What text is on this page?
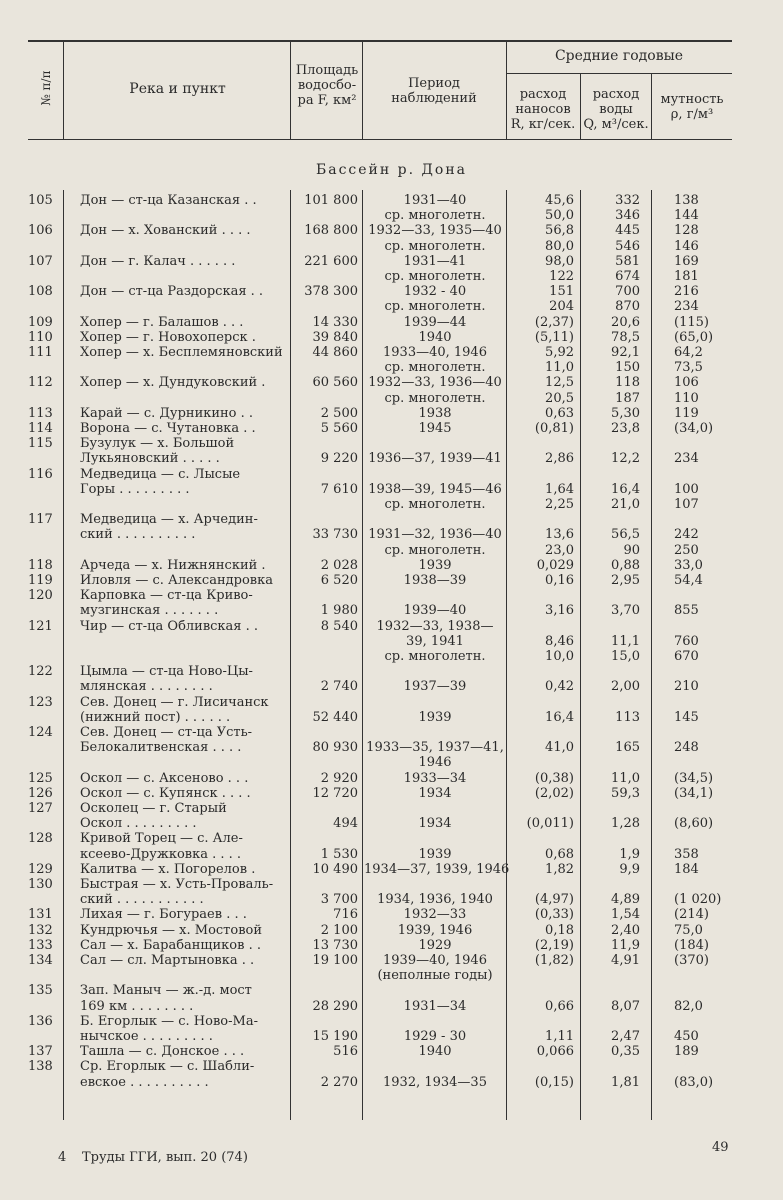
№ п/п	Река и пункт
Площадь
водосбо-
ра F, км²
Период
наблюдений
Средние годовые
расход
наносов
R, кг/сек.
расход
воды
Q, м³/сек.
мутность
ρ, г/м³
Бассейн р. Дона
105	Дон — ст-ца Казанская . .	101 800	1931—40	45,6	332	138
ср. многолетн.	50,0	346	144
106	Дон — х. Хованский . . . .	168 800 1932—33, 1935—40	56,8	445	128
ср. многолетн.	80,0	546	146
107	Дон — г. Калач . . . . . .	221 600	1931—41	98,0	581	169
ср. многолетн.	122	674	181
108	Дон — ст-ца Раздорская . .	378 300	1932 - 40	151	700	216
ср. многолетн.	204	870	234
109	Хопер — г. Балашов . . .	14 330	1939—44	(2,37)	20,6	(115)
110	Хопер — г. Новохоперск .	39 840	1940	(5,11)	78,5	(65,0)
111	Хопер — х. Бесплемяновский	44 860	1933—40, 1946	5,92	92,1	64,2
ср. многолетн.	11,0	150	73,5
112	Хопер — х. Дундуковский .	60 560 1932—33, 1936—40	12,5	118	106
ср. многолетн.	20,5	187	110
113	Карай — с. Дурникино . .	2 500	1938	0,63	5,30	119
114	Ворона — с. Чутановка . .	5 560	1945	(0,81)	23,8	(34,0)
115	Бузулук — х. Большой
Лукьяновский . . . . .	9 220 1936—37, 1939—41	2,86	12,2	234
116	Медведица — с. Лысые
Горы . . . . . . . . .	7 610 1938—39, 1945—46	1,64	16,4	100
ср. многолетн.	2,25	21,0	107
117	Медведица — х. Арчедин-
ский . . . . . . . . . .	33 730 1931—32, 1936—40	13,6	56,5	242
ср. многолетн.	23,0	90	250
118	Арчеда — х. Нижнянский .	2 028	1939	0,029	0,88	33,0
119	Иловля — с. Александровка	6 520	1938—39	0,16	2,95	54,4
120	Карповка — ст-ца Криво-
музгинская . . . . . . .	1 980	1939—40	3,16	3,70	855
121	Чир — ст-ца Обливская . .	8 540	1932—33, 1938—
39, 1941	8,46	11,1	760
ср. многолетн.	10,0	15,0	670
122	Цымла — ст-ца Ново-Цы-
млянская . . . . . . . .	2 740	1937—39	0,42	2,00	210
123	Сев. Донец — г. Лисичанск
(нижний пост) . . . . . .	52 440	1939	16,4	113	145
124	Сев. Донец — ст-ца Усть-
Белокалитвенская . . . .	80 930 1933—35, 1937—41,	41,0	165	248
1946
125	Оскол — с. Аксеново . . .	2 920	1933—34	(0,38)	11,0	(34,5)
126	Оскол — с. Купянск . . . .	12 720	1934	(2,02)	59,3	(34,1)
127	Осколец — г. Старый
Оскол . . . . . . . . .	494	1934	(0,011)	1,28	(8,60)
128	Кривой Торец — с. Але-
ксеево-Дружковка . . . .	1 530	1939	0,68	1,9	358
129	Калитва — х. Погорелов .	10 490 1934—37, 1939, 1946	1,82	9,9	184
130	Быстрая — х. Усть-Проваль-
ский . . . . . . . . . . .	3 700	1934, 1936, 1940	(4,97)	4,89	(1 020)
131	Лихая — г. Богураев . . .	716	1932—33	(0,33)	1,54	(214)
132	Кундрючья — х. Мостовой	2 100	1939, 1946	0,18	2,40	75,0
133	Сал — х. Барабанщиков . .	13 730	1929	(2,19)	11,9	(184)
134	Сал — сл. Мартыновка . .	19 100	1939—40, 1946	(1,82)	4,91	(370)
(неполные годы)
135	Зап. Маныч — ж.-д. мост
169 км . . . . . . . .	28 290	1931—34	0,66	8,07	82,0
136	Б. Егорлык — с. Ново-Ма-
нычское . . . . . . . . .	15 190	1929 - 30	1,11	2,47	450
137	Ташла — с. Донское . . .	516	1940	0,066	0,35	189
138	Ср. Егорлык — с. Шабли-
евское . . . . . . . . . .	2 270	1932, 1934—35	(0,15)	1,81	(83,0)
4 Труды ГГИ, вып. 20 (74)
49
